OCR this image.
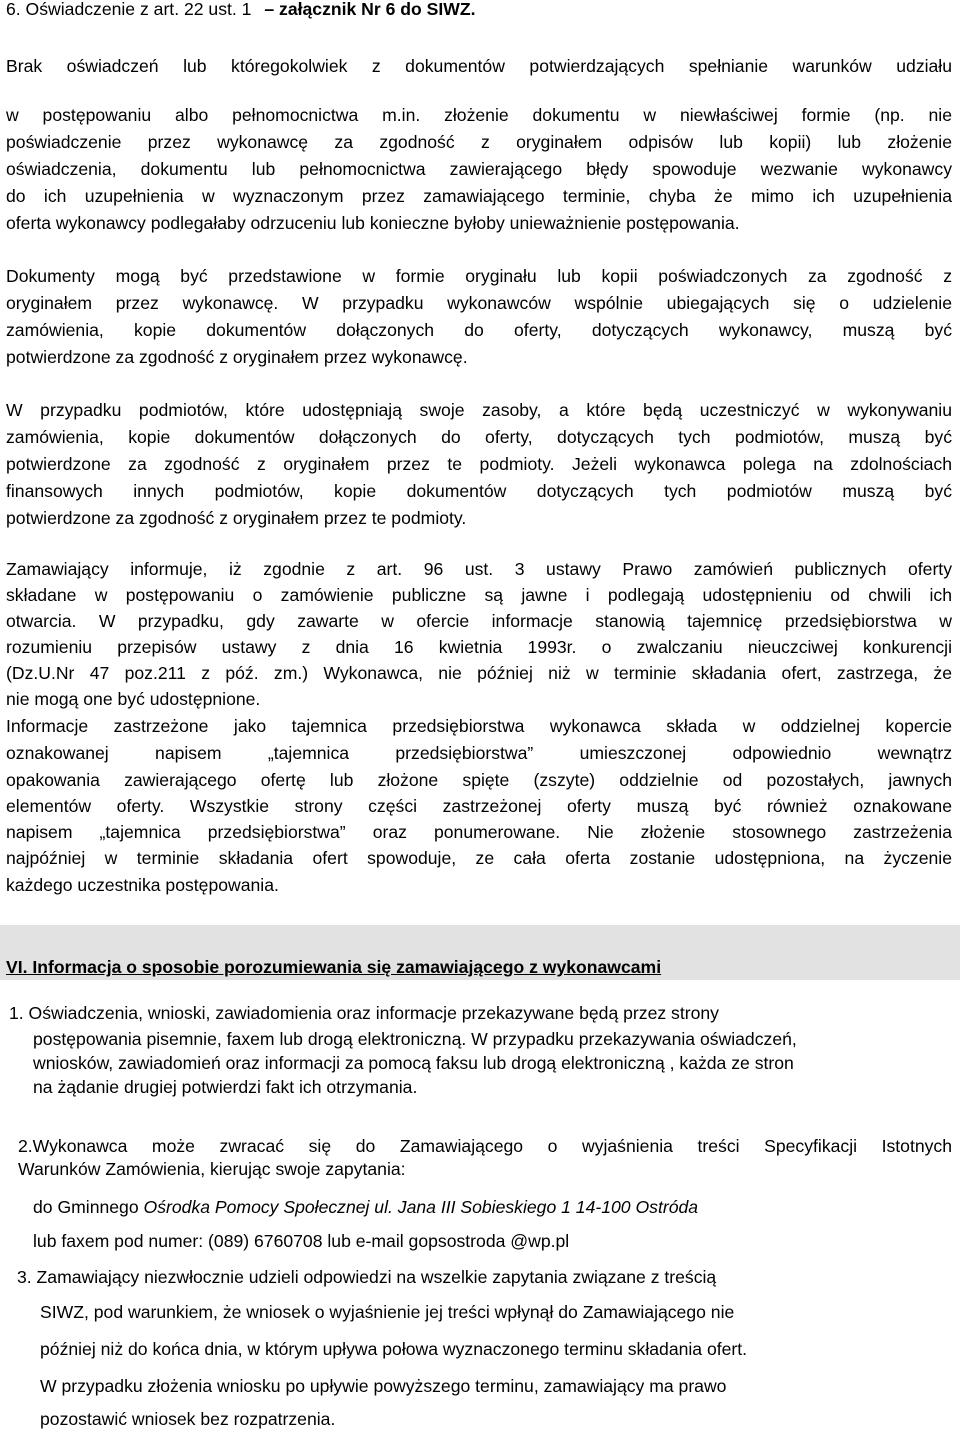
6. Oświadczenie z art. 22 ust. 1 – załącznik Nr 6 do SIWZ.
Brak oświadczeń lub któregokolwiek z dokumentów potwierdzających spełnianie warunków udziału
w postępowaniu albo pełnomocnictwa m.in. złożenie dokumentu w niewłaściwej formie (np. nie
poświadczenie przez wykonawcę za zgodność z oryginałem odpisów lub kopii) lub złożenie
oświadczenia, dokumentu lub pełnomocnictwa zawierającego błędy spowoduje wezwanie wykonawcy
do ich uzupełnienia w wyznaczonym przez zamawiającego terminie, chyba że mimo ich uzupełnienia
oferta wykonawcy podlegałaby odrzuceniu lub konieczne byłoby unieważnienie postępowania.
Dokumenty mogą być przedstawione w formie oryginału lub kopii poświadczonych za zgodność z
oryginałem przez wykonawcę. W przypadku wykonawców wspólnie ubiegających się o udzielenie
zamówienia, kopie dokumentów dołączonych do oferty, dotyczących wykonawcy, muszą być
potwierdzone za zgodność z oryginałem przez wykonawcę.
W przypadku podmiotów, które udostępniają swoje zasoby, a które będą uczestniczyć w wykonywaniu
zamówienia, kopie dokumentów dołączonych do oferty, dotyczących tych podmiotów, muszą być
potwierdzone za zgodność z oryginałem przez te podmioty. Jeżeli wykonawca polega na zdolnościach
finansowych innych podmiotów, kopie dokumentów dotyczących tych podmiotów muszą być
potwierdzone za zgodność z oryginałem przez te podmioty.
Zamawiający informuje, iż zgodnie z art. 96 ust. 3 ustawy Prawo zamówień publicznych oferty
składane w postępowaniu o zamówienie publiczne są jawne i podlegają udostępnieniu od chwili ich
otwarcia. W przypadku, gdy zawarte w ofercie informacje stanowią tajemnicę przedsiębiorstwa w
rozumieniu przepisów ustawy z dnia 16 kwietnia 1993r. o zwalczaniu nieuczciwej konkurencji
(Dz.U.Nr 47 poz.211 z póź. zm.) Wykonawca, nie później niż w terminie składania ofert, zastrzega, że
nie mogą one być udostępnione.
Informacje zastrzeżone jako tajemnica przedsiębiorstwa wykonawca składa w oddzielnej kopercie
oznakowanej napisem „tajemnica przedsiębiorstwa” umieszczonej odpowiednio wewnątrz
opakowania zawierającego ofertę lub złożone spięte (zszyte) oddzielnie od pozostałych, jawnych
elementów oferty. Wszystkie strony części zastrzeżonej oferty muszą być również oznakowane
napisem „tajemnica przedsiębiorstwa” oraz ponumerowane. Nie złożenie stosownego zastrzeżenia
najpóźniej w terminie składania ofert spowoduje, ze cała oferta zostanie udostępniona, na życzenie
każdego uczestnika postępowania.
VI. Informacja o sposobie porozumiewania się zamawiającego z wykonawcami
1. Oświadczenia, wnioski, zawiadomienia oraz informacje przekazywane będą przez strony
postępowania pisemnie, faxem lub drogą elektroniczną. W przypadku przekazywania oświadczeń,
wniosków, zawiadomień oraz informacji za pomocą faksu lub drogą elektroniczną , każda ze stron
na żądanie drugiej potwierdzi fakt ich otrzymania.
2.Wykonawca może zwracać się do Zamawiającego o wyjaśnienia treści Specyfikacji Istotnych
Warunków Zamówienia, kierując swoje zapytania:
do Gminnego Ośrodka Pomocy Społecznej ul. Jana III Sobieskiego 1 14-100 Ostróda
lub faxem pod numer: (089) 6760708 lub e-mail gopsostroda @wp.pl
3. Zamawiający niezwłocznie udzieli odpowiedzi na wszelkie zapytania związane z treścią
SIWZ, pod warunkiem, że wniosek o wyjaśnienie jej treści wpłynął do Zamawiającego nie
później niż do końca dnia, w którym upływa połowa wyznaczonego terminu składania ofert.
W przypadku złożenia wniosku po upływie powyższego terminu, zamawiający ma prawo
pozostawić wniosek bez rozpatrzenia.
